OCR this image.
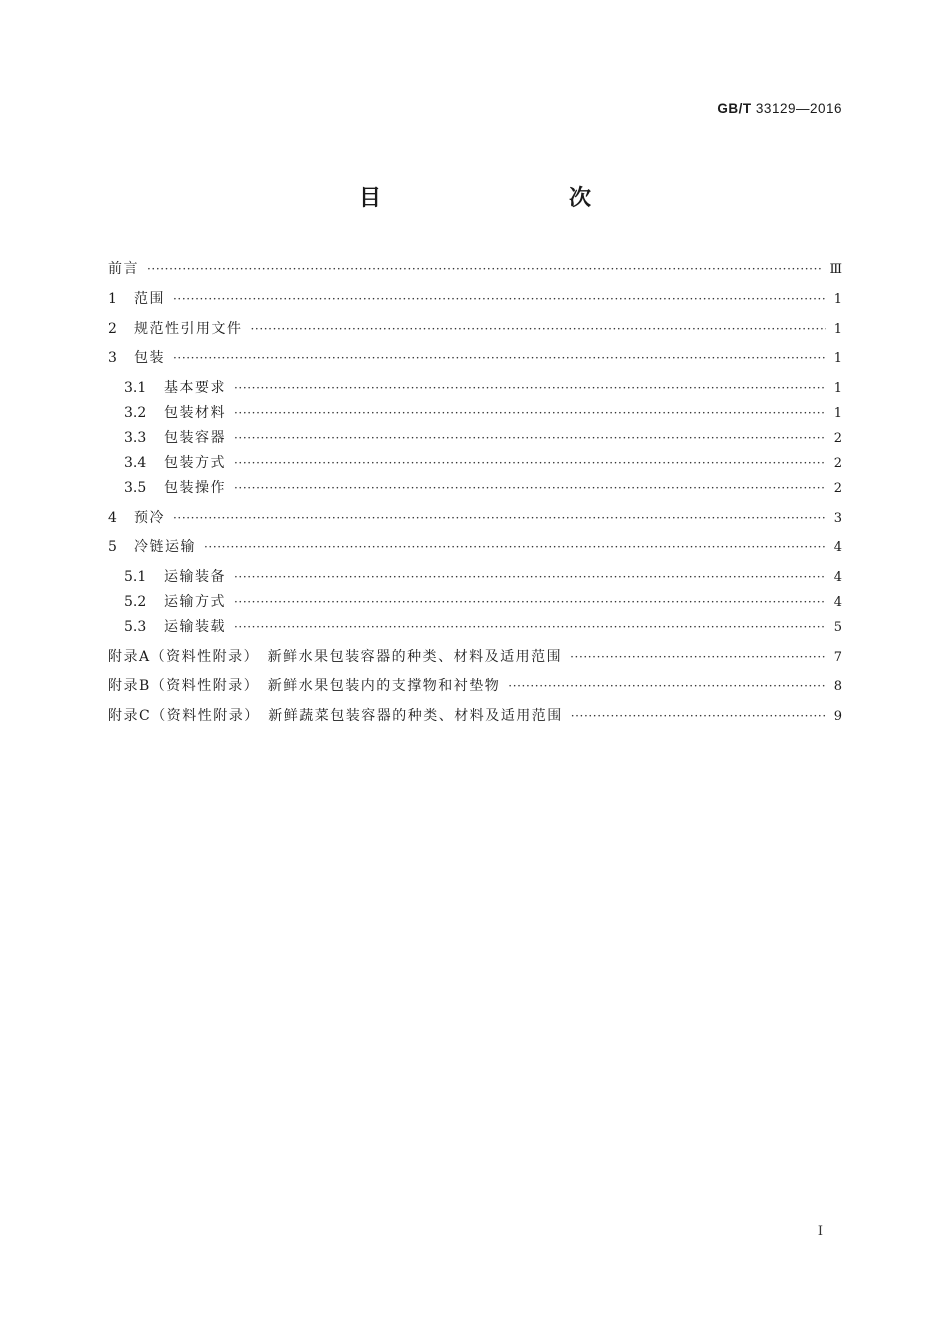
GB/T 33129—2016
目　　次
前言 ·····	Ⅲ
1	范围 ·····	1
2	规范性引用文件 ·····	1
3	包装 ·····	1
3.1	基本要求 ·····	1
3.2	包装材料 ·····	1
3.3	包装容器 ·····	2
3.4	包装方式 ·····	2
3.5	包装操作 ·····	2
4	预冷 ·····	3
5	冷链运输 ·····	4
5.1	运输装备 ·····	4
5.2	运输方式 ·····	4
5.3	运输装载 ·····	5
附录A（资料性附录）　新鲜水果包装容器的种类、材料及适用范围 ·····	7
附录B（资料性附录）　新鲜水果包装内的支撑物和衬垫物 ·····	8
附录C（资料性附录）　新鲜蔬菜包装容器的种类、材料及适用范围 ·····	9
I
